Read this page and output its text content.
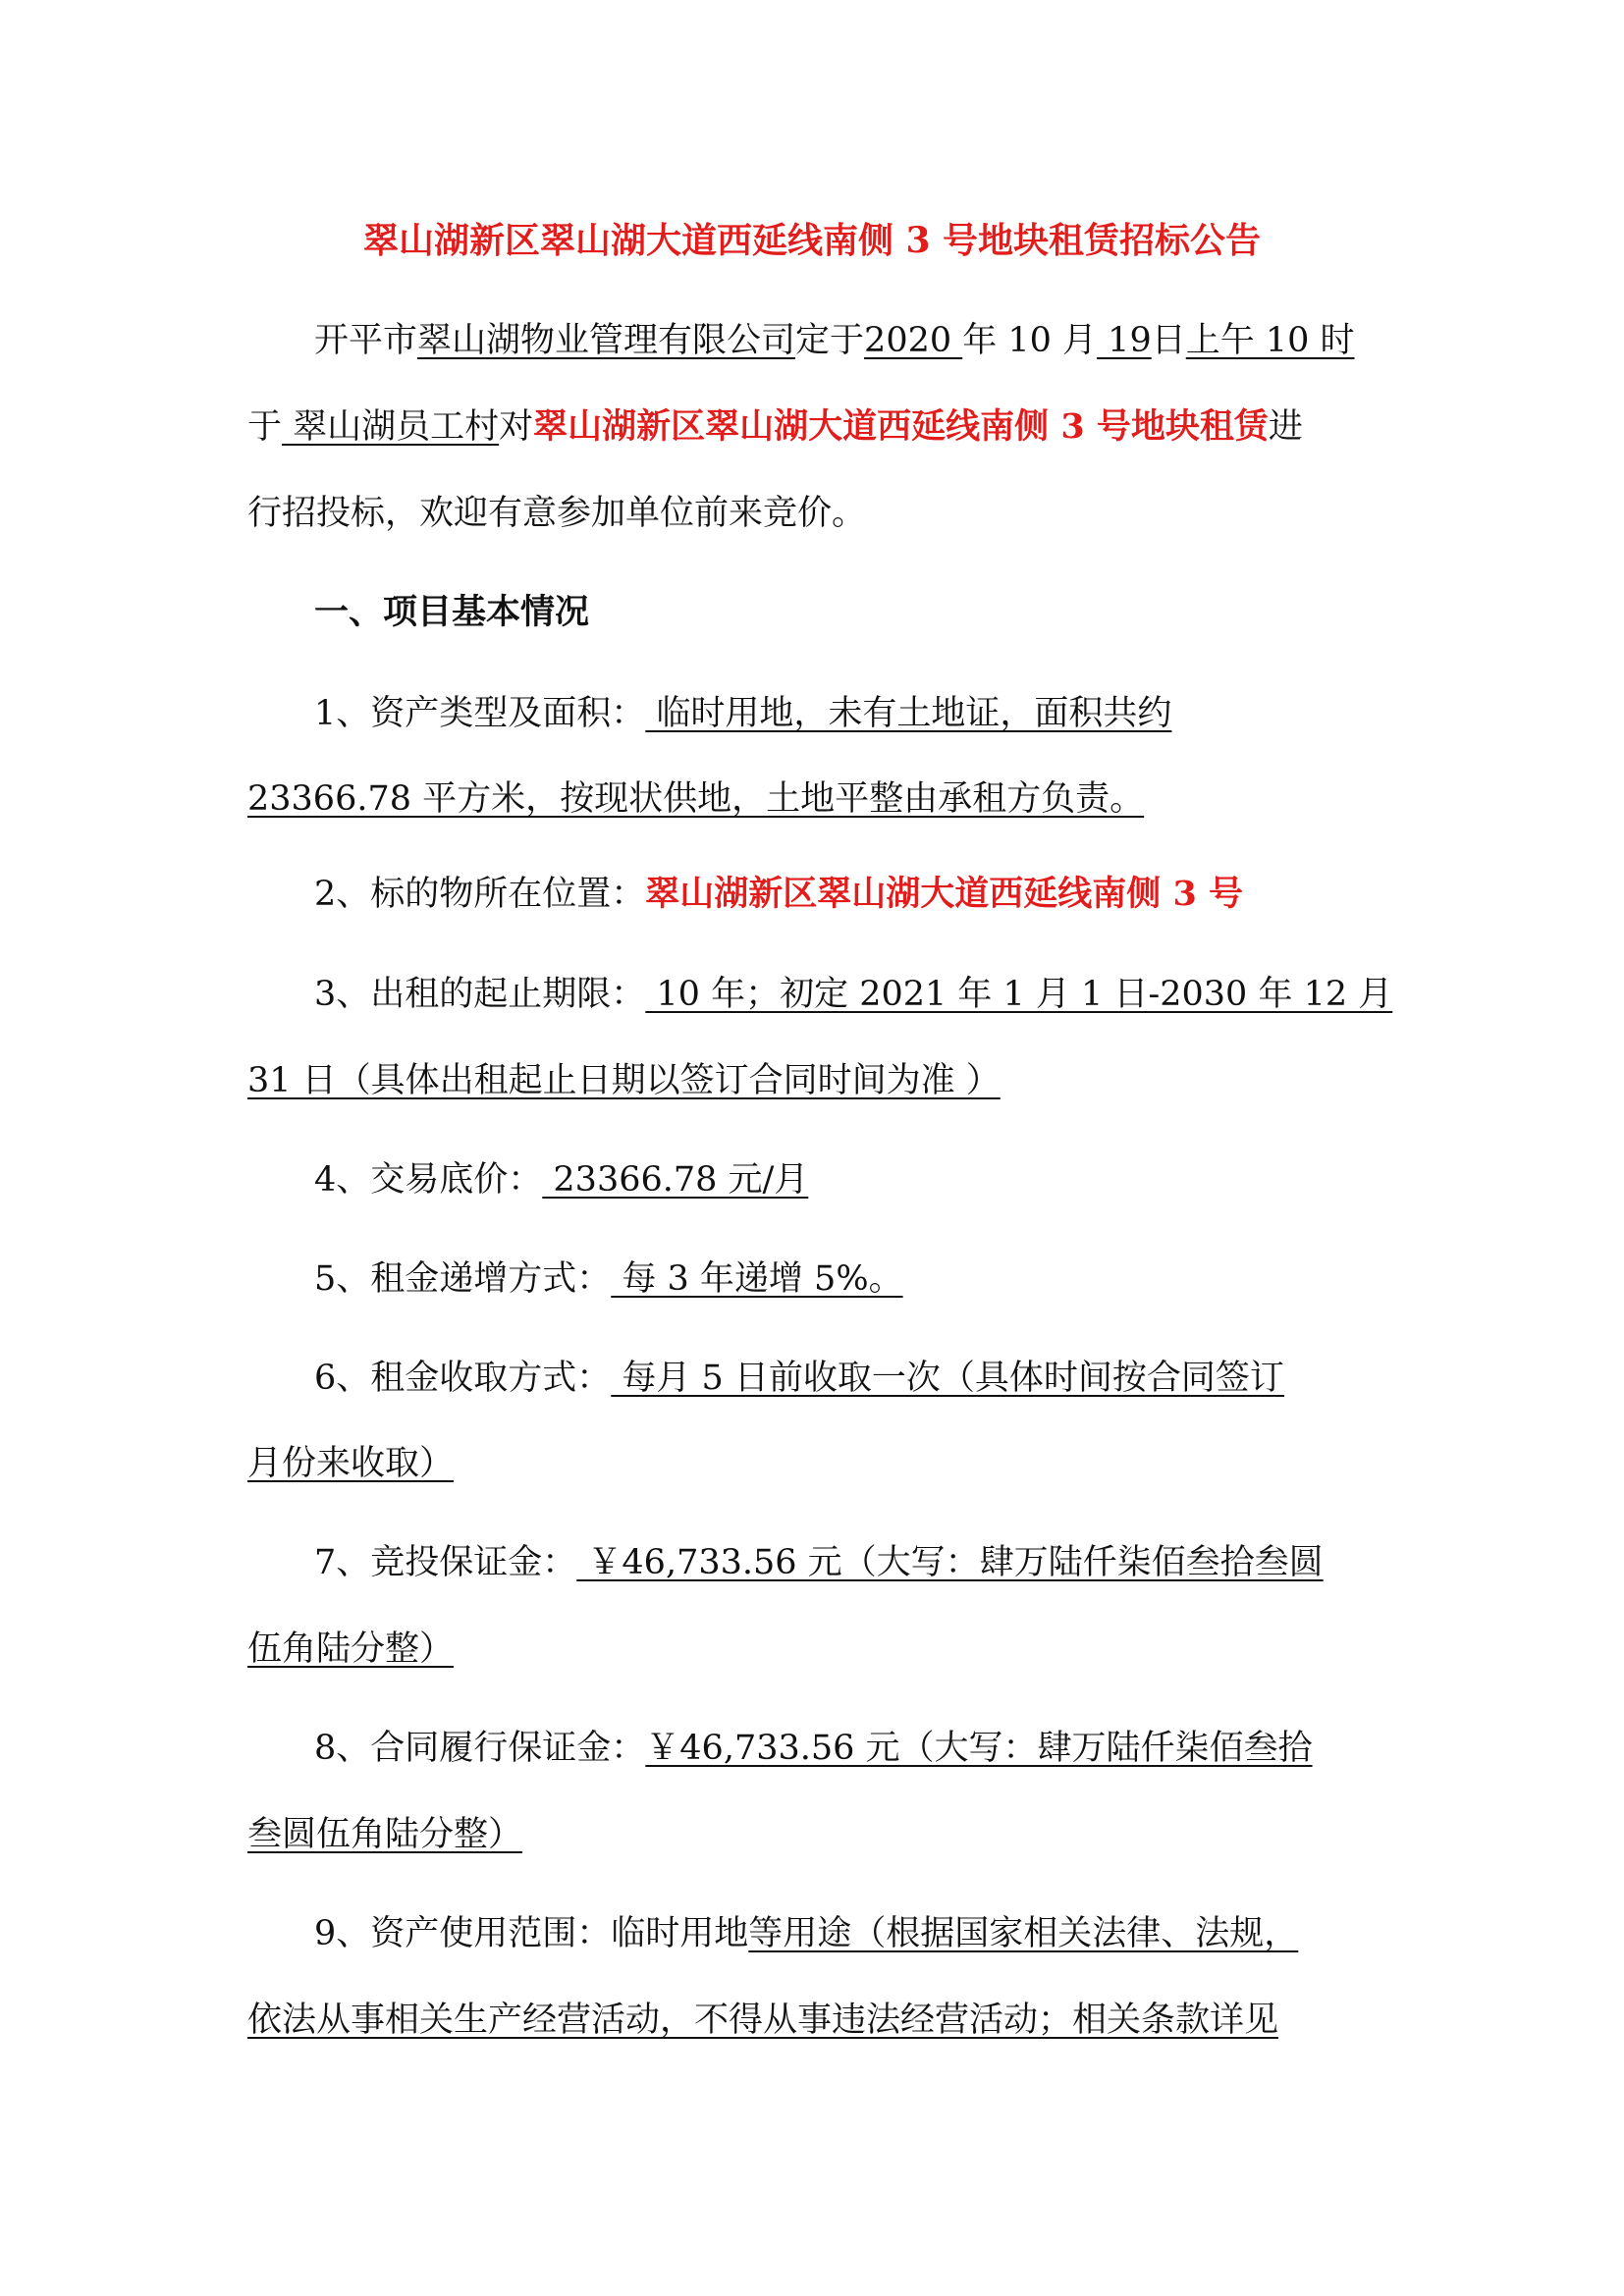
翠山湖新区翠山湖大道西延线南侧 3 号地块租赁招标公告
开平市翠山湖物业管理有限公司定于2020 年 10 月 19日上午 10 时
于 翠山湖员工村对翠山湖新区翠山湖大道西延线南侧 3 号地块租赁进
行招投标，欢迎有意参加单位前来竞价。
一、项目基本情况
1、资产类型及面积： 临时用地，未有土地证，面积共约
23366.78 平方米，按现状供地，土地平整由承租方负责。
2、标的物所在位置：翠山湖新区翠山湖大道西延线南侧 3 号
3、出租的起止期限： 10 年；初定 2021 年 1 月 1 日-2030 年 12 月
31 日（具体出租起止日期以签订合同时间为准 ）
4、交易底价： 23366.78 元/月
5、租金递增方式： 每 3 年递增 5%。
6、租金收取方式： 每月 5 日前收取一次（具体时间按合同签订
月份来收取）
7、竞投保证金： ￥46,733.56 元（大写：肆万陆仟柒佰叁拾叁圆
伍角陆分整）
8、合同履行保证金：￥46,733.56 元（大写：肆万陆仟柒佰叁拾
叁圆伍角陆分整）
9、资产使用范围：临时用地等用途（根据国家相关法律、法规，
依法从事相关生产经营活动，不得从事违法经营活动；相关条款详见
